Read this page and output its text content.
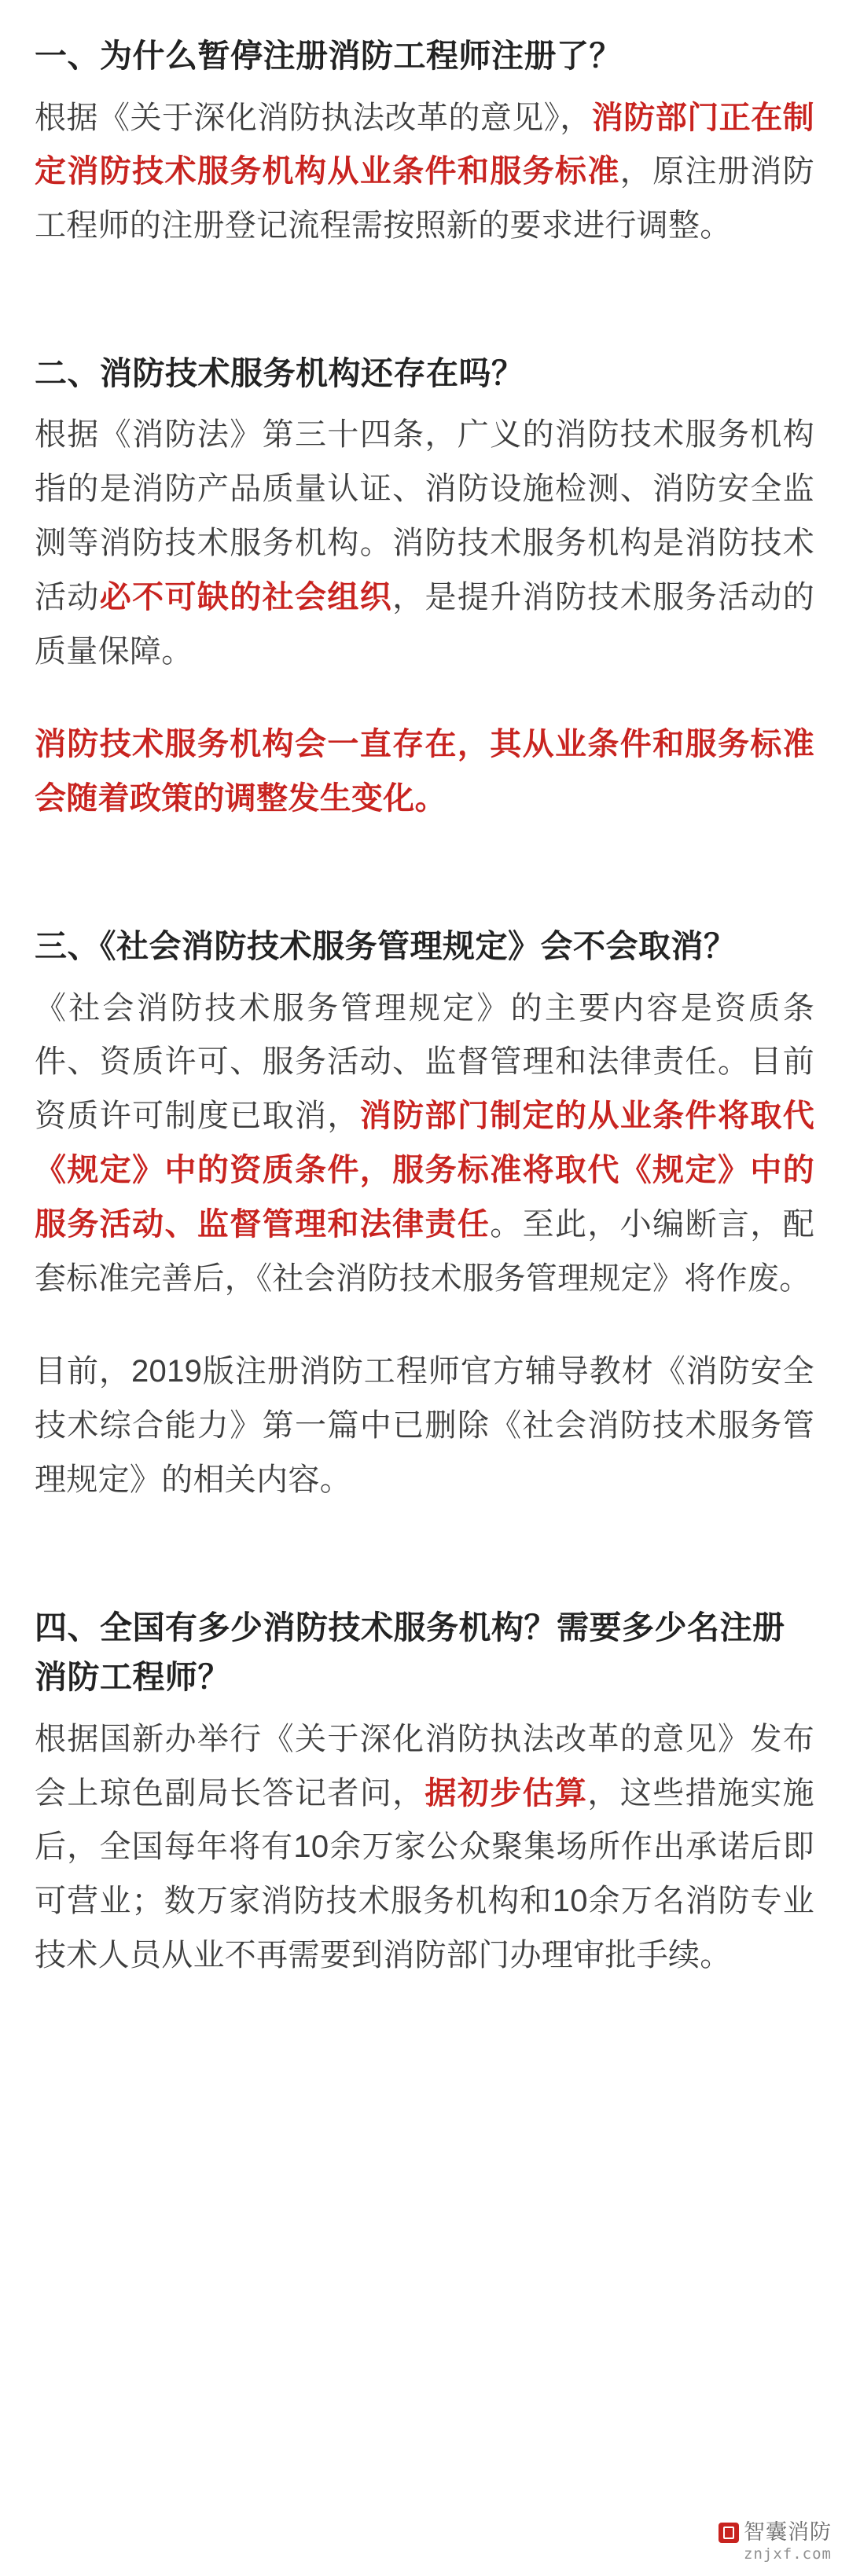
一、为什么暂停注册消防工程师注册了？

根据《关于深化消防执法改革的意见》，消防部门正在制定消防技术服务机构从业条件和服务标准，原注册消防工程师的注册登记流程需按照新的要求进行调整。

二、消防技术服务机构还存在吗？

根据《消防法》第三十四条，广义的消防技术服务机构指的是消防产品质量认证、消防设施检测、消防安全监测等消防技术服务机构。消防技术服务机构是消防技术活动必不可缺的社会组织，是提升消防技术服务活动的质量保障。

消防技术服务机构会一直存在，其从业条件和服务标准会随着政策的调整发生变化。

三、《社会消防技术服务管理规定》会不会取消？

《社会消防技术服务管理规定》的主要内容是资质条件、资质许可、服务活动、监督管理和法律责任。目前资质许可制度已取消，消防部门制定的从业条件将取代《规定》中的资质条件，服务标准将取代《规定》中的服务活动、监督管理和法律责任。至此，小编断言，配套标准完善后，《社会消防技术服务管理规定》将作废。

目前，2019版注册消防工程师官方辅导教材《消防安全技术综合能力》第一篇中已删除《社会消防技术服务管理规定》的相关内容。

四、全国有多少消防技术服务机构？需要多少名注册消防工程师？

根据国新办举行《关于深化消防执法改革的意见》发布会上琼色副局长答记者问，据初步估算，这些措施实施后，全国每年将有10余万家公众聚集场所作出承诺后即可营业；数万家消防技术服务机构和10余万名消防专业技术人员从业不再需要到消防部门办理审批手续。

智囊消防
znjxf.com
